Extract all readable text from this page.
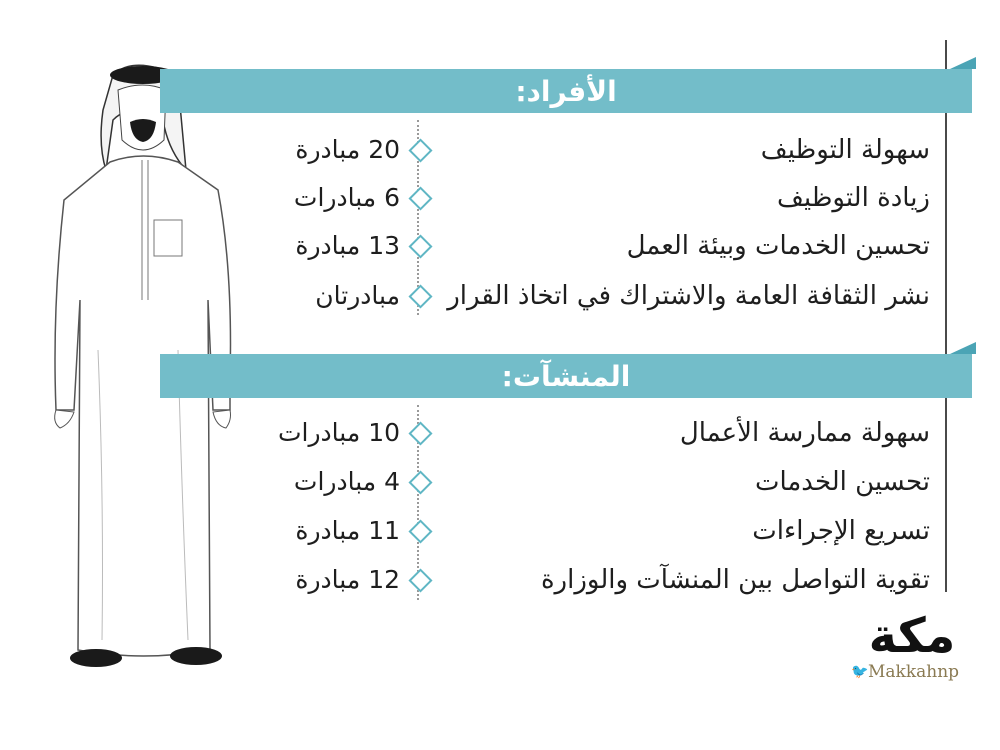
الأفراد:
سهولة التوظيف
20 مبادرة
زيادة التوظيف
6 مبادرات
تحسين الخدمات وبيئة العمل
13 مبادرة
نشر الثقافة العامة والاشتراك في اتخاذ القرار
مبادرتان
المنشآت:
سهولة ممارسة الأعمال
10 مبادرات
تحسين الخدمات
4 مبادرات
تسريع الإجراءات
11 مبادرة
تقوية التواصل بين المنشآت والوزارة
12 مبادرة
مكة
🐦 Makkahnp
